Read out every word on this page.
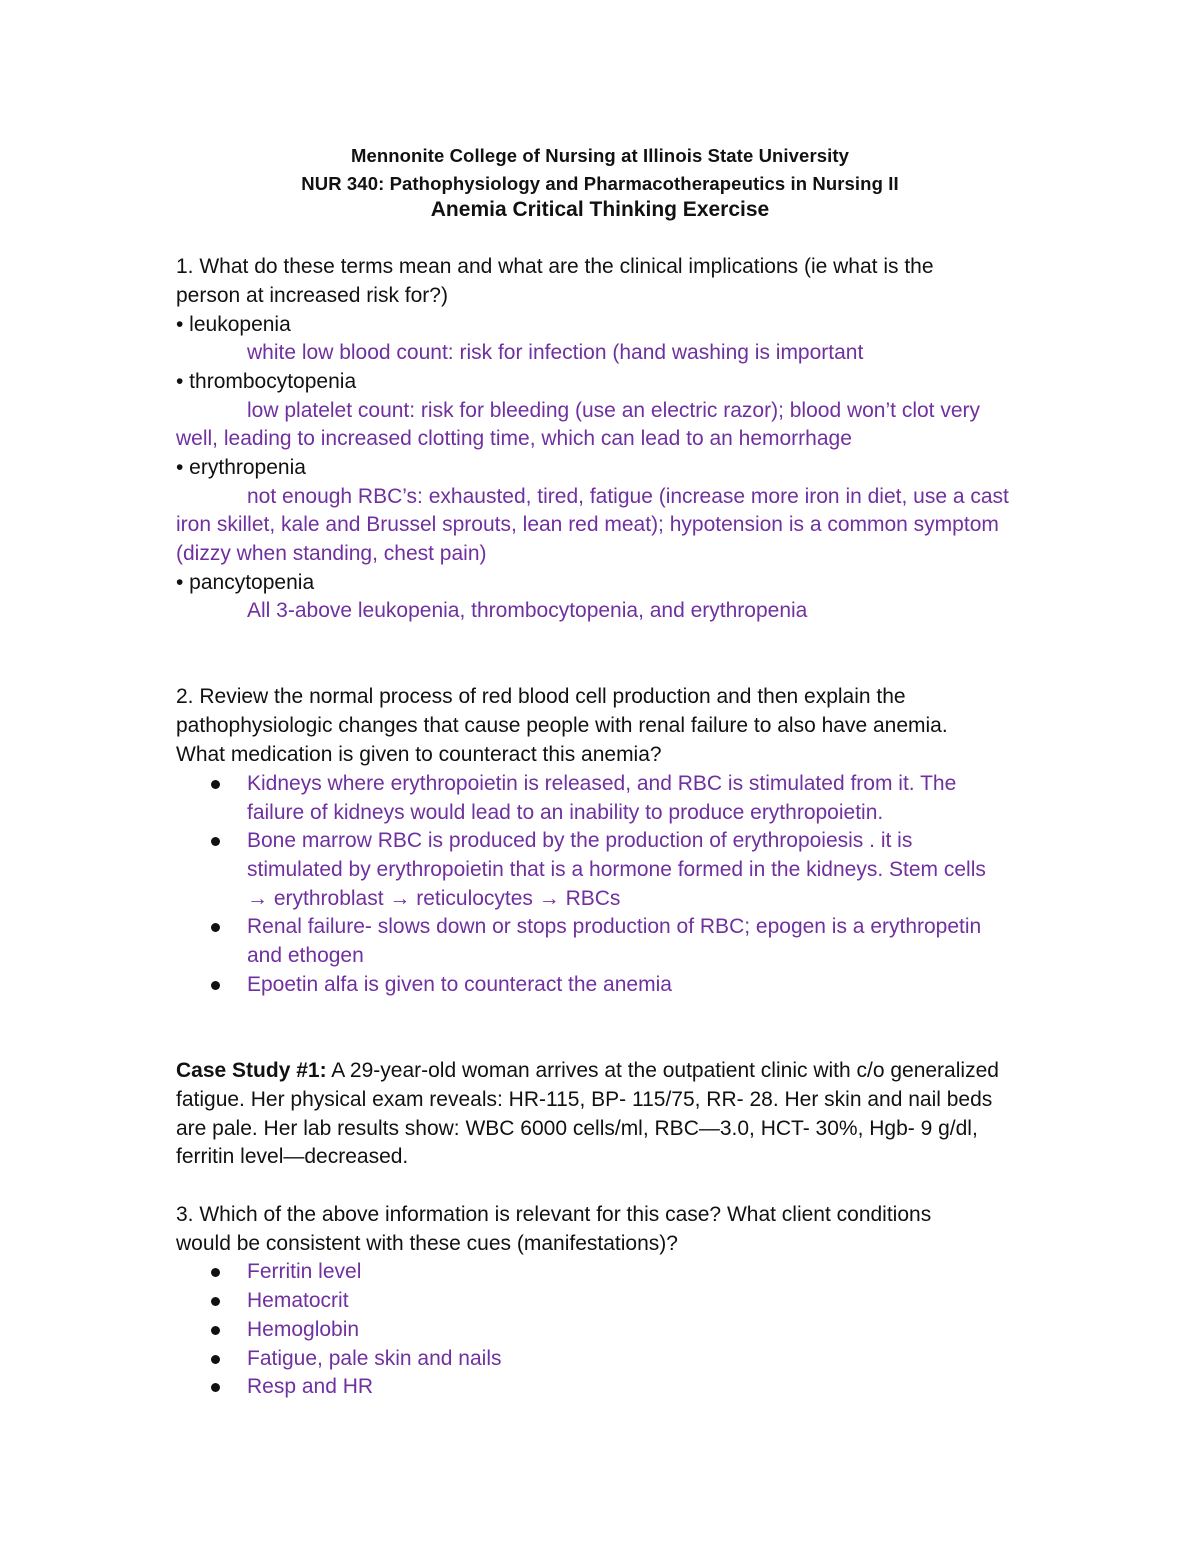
Mennonite College of Nursing at Illinois State University
NUR 340: Pathophysiology and Pharmacotherapeutics in Nursing II
Anemia Critical Thinking Exercise
1. What do these terms mean and what are the clinical implications (ie what is the
person at increased risk for?)
• leukopenia
white low blood count: risk for infection (hand washing is important
• thrombocytopenia
low platelet count: risk for bleeding (use an electric razor); blood won’t clot very
well, leading to increased clotting time, which can lead to an hemorrhage
• erythropenia
not enough RBC’s: exhausted, tired, fatigue (increase more iron in diet, use a cast
iron skillet, kale and Brussel sprouts, lean red meat); hypotension is a common symptom
(dizzy when standing, chest pain)
• pancytopenia
All 3-above leukopenia, thrombocytopenia, and erythropenia
2. Review the normal process of red blood cell production and then explain the
pathophysiologic changes that cause people with renal failure to also have anemia.
What medication is given to counteract this anemia?
Kidneys where erythropoietin is released, and RBC is stimulated from it. The
failure of kidneys would lead to an inability to produce erythropoietin.
Bone marrow RBC is produced by the production of erythropoiesis . it is
stimulated by erythropoietin that is a hormone formed in the kidneys. Stem cells
→ erythroblast → reticulocytes → RBCs
Renal failure- slows down or stops production of RBC; epogen is a erythropetin
and ethogen
Epoetin alfa is given to counteract the anemia
Case Study #1: A 29-year-old woman arrives at the outpatient clinic with c/o generalized
fatigue. Her physical exam reveals: HR-115, BP- 115/75, RR- 28. Her skin and nail beds
are pale. Her lab results show: WBC 6000 cells/ml, RBC—3.0, HCT- 30%, Hgb- 9 g/dl,
ferritin level—decreased.
3. Which of the above information is relevant for this case? What client conditions
would be consistent with these cues (manifestations)?
Ferritin level
Hematocrit
Hemoglobin
Fatigue, pale skin and nails
Resp and HR
